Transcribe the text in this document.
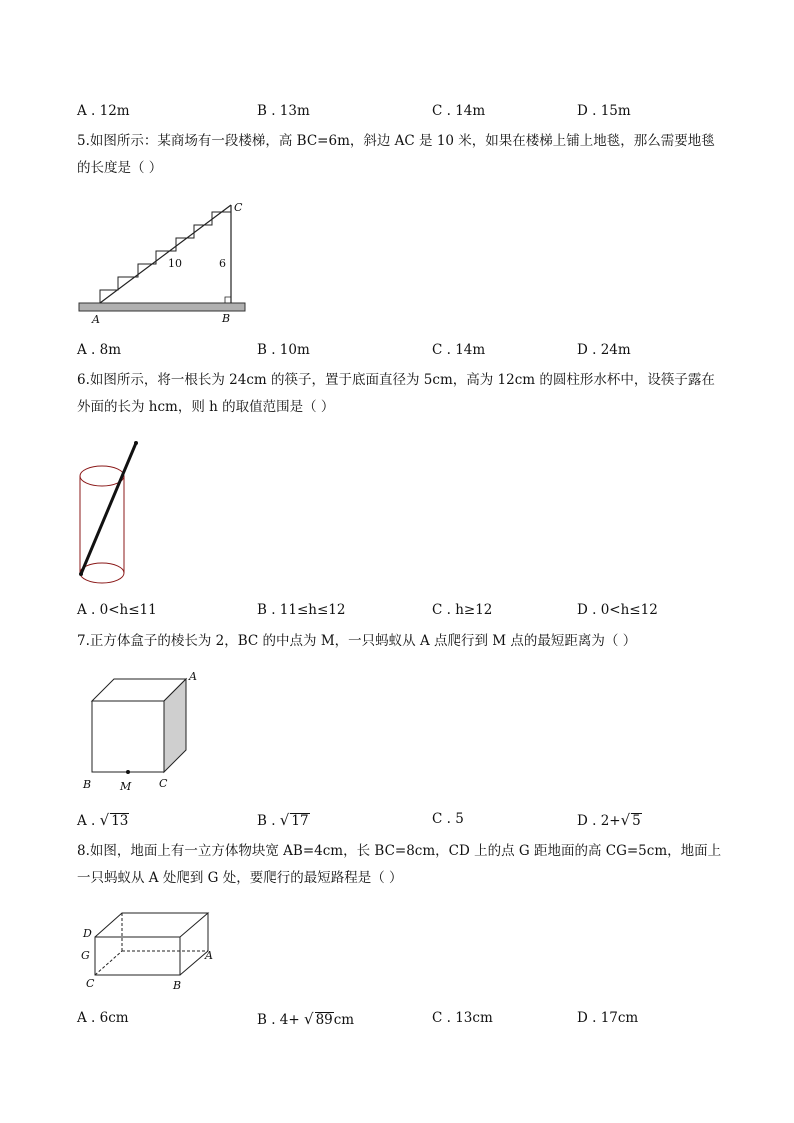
A . 12m	B . 13m	C . 14m	D . 15m
5.如图所示：某商场有一段楼梯，高 BC=6m，斜边 AC 是 10 米，如果在楼梯上铺上地毯，那么需要地毯的长度是（ ）
C
A	B
10	6
A . 8m	B . 10m	C . 14m	D . 24m
6.如图所示，将一根长为 24cm 的筷子，置于底面直径为 5cm，高为 12cm 的圆柱形水杯中，设筷子露在外面的长为 hcm，则 h 的取值范围是（ ）
A . 0<h≤11	B . 11≤h≤12	C . h≥12	D . 0<h≤12
7.正方体盒子的棱长为 2，BC 的中点为 M，一只蚂蚁从 A 点爬行到 M 点的最短距离为（ ）
A
B	C
M
A . √ 13	B . √ 17	C . 5	D . 2+√ 5
8.如图，地面上有一立方体物块宽 AB=4cm，长 BC=8cm，CD 上的点 G 距地面的高 CG=5cm，地面上一只蚂蚁从 A 处爬到 G 处，要爬行的最短路程是（ ）
D
G
C
A
B
A . 6cm	B . 4+ √ 89cm	C . 13cm	D . 17cm
